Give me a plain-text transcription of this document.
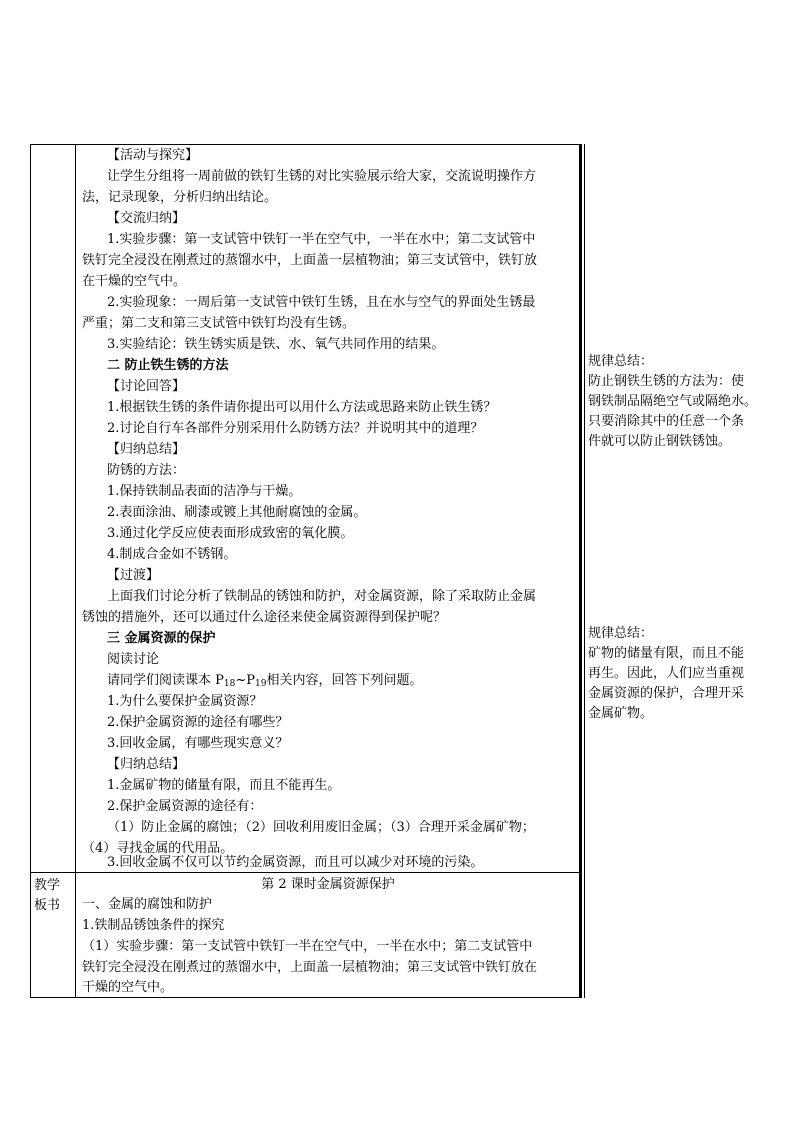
教学
板书
【活动与探究】
让学生分组将一周前做的铁钉生锈的对比实验展示给大家，交流说明操作方
法，记录现象，分析归纳出结论。
【交流归纳】
1.实验步骤：第一支试管中铁钉一半在空气中，一半在水中；第二支试管中
铁钉完全浸没在刚煮过的蒸馏水中，上面盖一层植物油；第三支试管中，铁钉放
在干燥的空气中。
2.实验现象：一周后第一支试管中铁钉生锈，且在水与空气的界面处生锈最
严重；第二支和第三支试管中铁钉均没有生锈。
3.实验结论：铁生锈实质是铁、水、氧气共同作用的结果。
二 防止铁生锈的方法
【讨论回答】
1.根据铁生锈的条件请你提出可以用什么方法或思路来防止铁生锈？
2.讨论自行车各部件分别采用什么防锈方法？并说明其中的道理？
【归纳总结】
防锈的方法：
1.保持铁制品表面的洁净与干燥。
2.表面涂油、刷漆或镀上其他耐腐蚀的金属。
3.通过化学反应使表面形成致密的氧化膜。
4.制成合金如不锈钢。
【过渡】
上面我们讨论分析了铁制品的锈蚀和防护，对金属资源，除了采取防止金属
锈蚀的措施外，还可以通过什么途径来使金属资源得到保护呢？
三 金属资源的保护
阅读讨论
请同学们阅读课本 $P_{18}\sim P_{19}$相关内容，回答下列问题。
1.为什么要保护金属资源？
2.保护金属资源的途径有哪些？
3.回收金属，有哪些现实意义？
【归纳总结】
1.金属矿物的储量有限，而且不能再生。
2.保护金属资源的途径有：
（1）防止金属的腐蚀；（2）回收利用废旧金属；（3）合理开采金属矿物；
（4）寻找金属的代用品。
3.回收金属不仅可以节约金属资源，而且可以减少对环境的污染。
第 2 课时金属资源保护
一、金属的腐蚀和防护
1.铁制品锈蚀条件的探究
（1）实验步骤：第一支试管中铁钉一半在空气中，一半在水中；第二支试管中
铁钉完全浸没在刚煮过的蒸馏水中，上面盖一层植物油；第三支试管中铁钉放在
干燥的空气中。
规律总结：
防止钢铁生锈的方法为：使
钢铁制品隔绝空气或隔绝水。
只要消除其中的任意一个条
件就可以防止钢铁锈蚀。
规律总结：
矿物的储量有限，而且不能
再生。因此，人们应当重视
金属资源的保护，合理开采
金属矿物。
